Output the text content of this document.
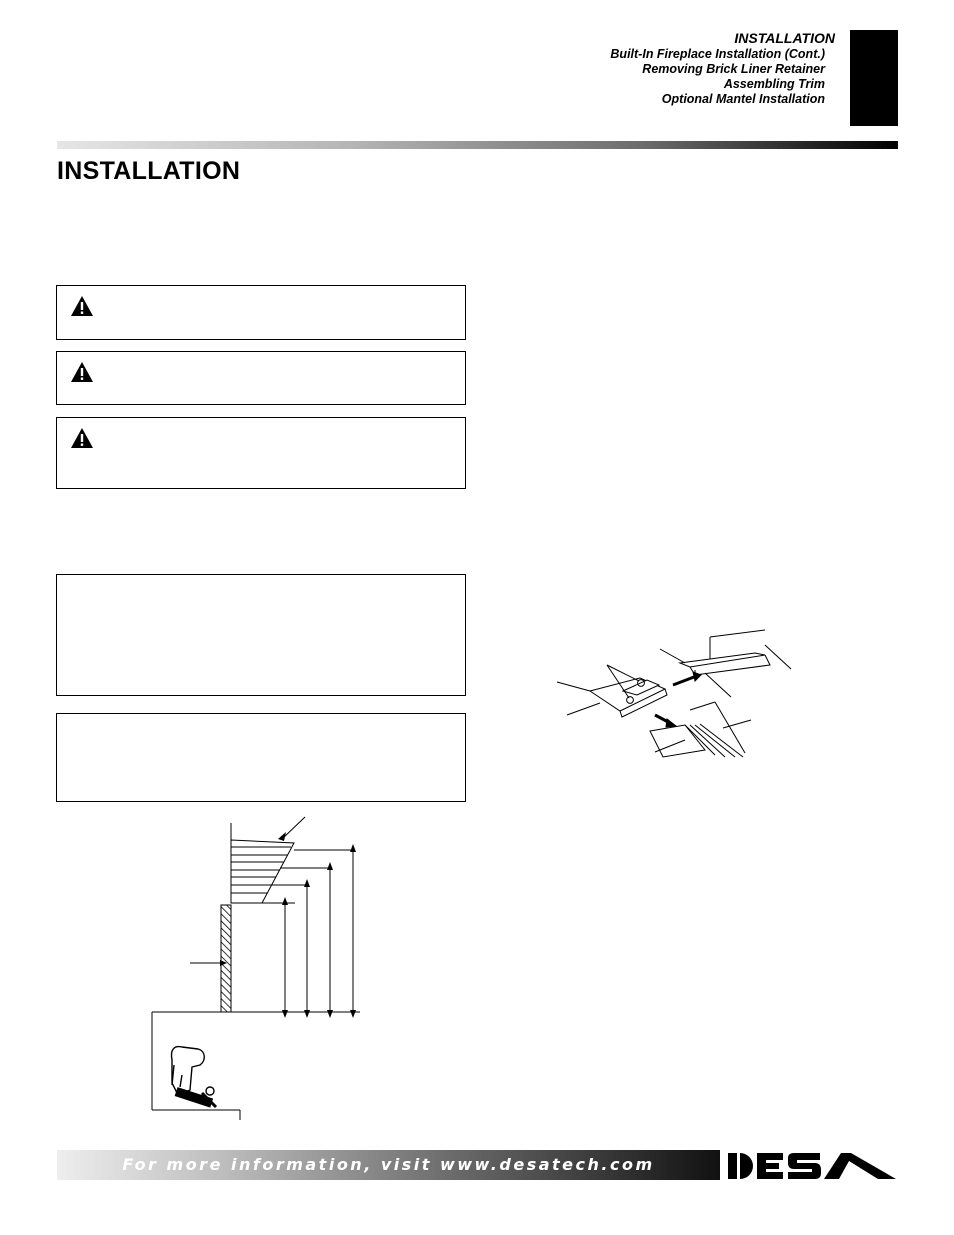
INSTALLATION
Built-In Fireplace Installation (Cont.)
Removing Brick Liner Retainer
Assembling Trim
Optional Mantel Installation
INSTALLATION
For more information, visit www.desatech.com
